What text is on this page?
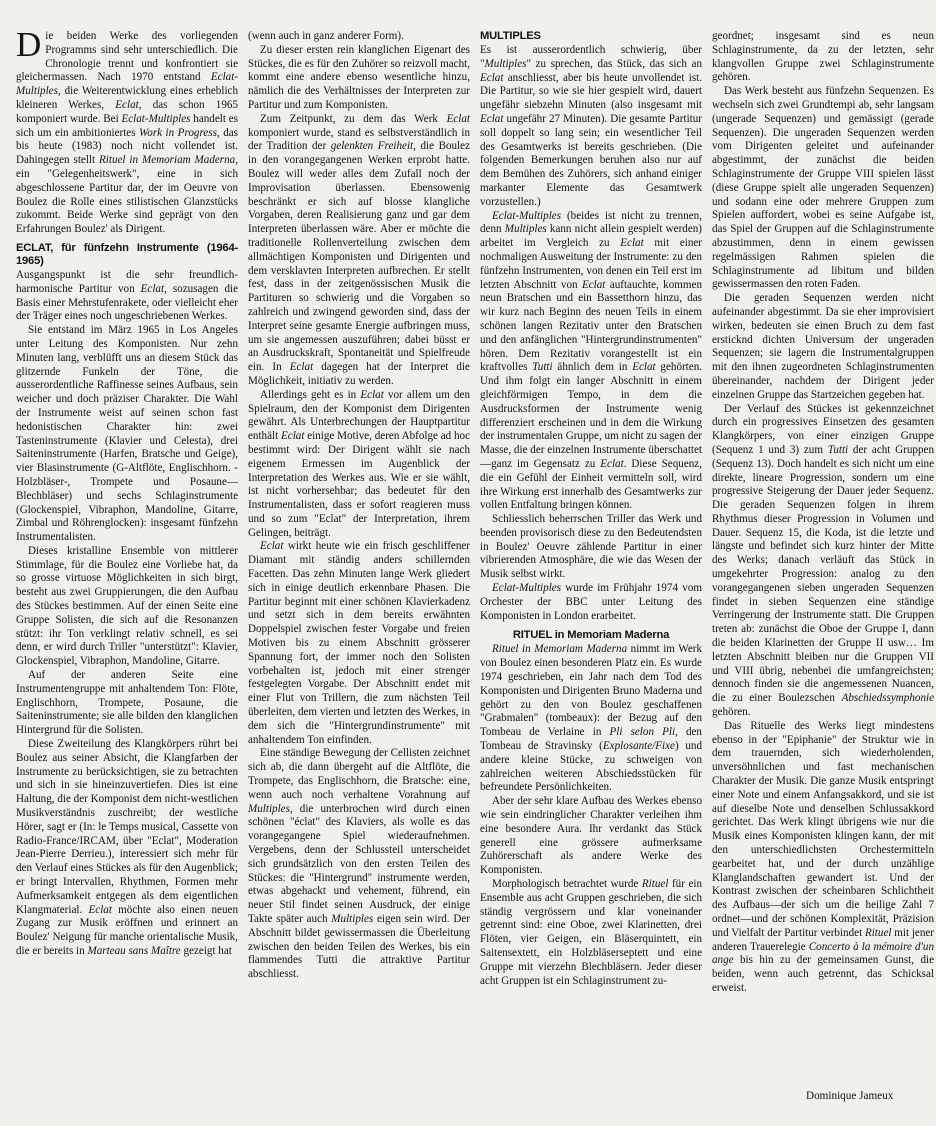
Die beiden Werke des vorliegenden Programms sind sehr unterschiedlich. Die Chronologie trennt und konfrontiert sie gleichermassen. Nach 1970 entstand Eclat-Multiples, die Weiterentwicklung eines erheblich kleineren Werkes, Eclat, das schon 1965 komponiert wurde. Bei Eclat-Multiples handelt es sich um ein ambitioniertes Work in Progress, das bis heute (1983) noch nicht vollendet ist. Dahingegen stellt Rituel in Memoriam Maderna, ein "Gelegenheitswerk", eine in sich abgeschlossene Partitur dar, der im Oeuvre von Boulez die Rolle eines stilistischen Glanzstücks zukommt. Beide Werke sind geprägt von den Erfahrungen Boulez' als Dirigent.

ECLAT, für fünfzehn Instrumente (1964-1965)

Ausgangspunkt ist die sehr freundlich-harmonische Partitur von Eclat, sozusagen die Basis einer Mehrstufenrakete, oder vielleicht eher der Träger eines noch ungeschriebenen Werkes.

Sie entstand im März 1965 in Los Angeles unter Leitung des Komponisten. Nur zehn Minuten lang, verblüfft uns an diesem Stück das glitzernde Funkeln der Töne, die ausserordentliche Raffinesse seines Aufbaus, sein weicher und doch präziser Charakter. Die Wahl der Instrumente weist auf seinen schon fast hedonistischen Charakter hin: zwei Tasteninstrumente (Klavier und Celesta), drei Saiteninstrumente (Harfen, Bratsche und Geige), vier Blasinstrumente (G-Altflöte, Englischhorn. -Holzbläser-, Trompete und Posaune—Blechbläser) und sechs Schlaginstrumente (Glockenspiel, Vibraphon, Mandoline, Gitarre, Zimbal und Röhrenglocken): insgesamt fünfzehn Instrumentalisten.

Dieses kristalline Ensemble von mittlerer Stimmlage, für die Boulez eine Vorliebe hat, da so grosse virtuose Möglichkeiten in sich birgt, besteht aus zwei Gruppierungen, die den Aufbau des Stückes bestimmen. Auf der einen Seite eine Gruppe Solisten, die sich auf die Resonanzen stützt: ihr Ton verklingt relativ schnell, es sei denn, er wird durch Triller "unterstützt": Klavier, Glockenspiel, Vibraphon, Mandoline, Gitarre.

Auf der anderen Seite eine Instrumentengruppe mit anhaltendem Ton: Flöte, Englischhorn, Trompete, Posaune, die Saiteninstrumente; sie alle bilden den klanglichen Hintergrund für die Solisten.

Diese Zweiteilung des Klangkörpers rührt bei Boulez aus seiner Absicht, die Klangfarben der Instrumente zu berücksichtigen, sie zu betrachten und sich in sie hineinzuvertiefen. Dies ist eine Haltung, die der Komponist dem nicht-westlichen Musikverständnis zuschreibt; der westliche Hörer, sagt er (In: le Temps musical, Cassette von Radio-France/IRCAM, über "Eclat", Moderation Jean-Pierre Derrieu.), interessiert sich mehr für den Verlauf eines Stückes als für den Augenblick; er bringt Intervallen, Rhythmen, Formen mehr Aufmerksamkeit entgegen als dem eigentlichen Klangmaterial. Eclat möchte also einen neuen Zugang zur Musik eröffnen und erinnert an Boulez' Neigung für manche orientalische Musik, die er bereits in Marteau sans Maître gezeigt hat

(wenn auch in ganz anderer Form).

Zu dieser ersten rein klanglichen Eigenart des Stückes, die es für den Zuhörer so reizvoll macht, kommt eine andere ebenso wesentliche hinzu, nämlich die des Verhältnisses der Interpreten zur Partitur und zum Komponisten.

Zum Zeitpunkt, zu dem das Werk Eclat komponiert wurde, stand es selbstverständlich in der Tradition der gelenkten Freiheit, die Boulez in den vorangegangenen Werken erprobt hatte. Boulez will weder alles dem Zufall noch der Improvisation überlassen. Ebensowenig beschränkt er sich auf blosse klangliche Vorgaben, deren Realisierung ganz und gar dem Interpreten überlassen wäre. Aber er möchte die traditionelle Rollenverteilung zwischen dem allmächtigen Komponisten und Dirigenten und dem versklavten Interpreten aufbrechen. Er stellt fest, dass in der zeitgenössischen Musik die Partituren so schwierig und die Vorgaben so zahlreich und zwingend geworden sind, dass der Interpret seine gesamte Energie aufbringen muss, um sie angemessen auszuführen; dabei büsst er an Ausdruckskraft, Spontaneität und Spielfreude ein. In Eclat dagegen hat der Interpret die Möglichkeit, initiativ zu werden.

Allerdings geht es in Eclat vor allem um den Spielraum, den der Komponist dem Dirigenten gewährt. Als Unterbrechungen der Hauptpartitur enthält Eclat einige Motive, deren Abfolge ad hoc bestimmt wird: Der Dirigent wählt sie nach eigenem Ermessen im Augenblick der Interpretation des Werkes aus. Wie er sie wählt, ist nicht vorhersehbar; das bedeutet für den Instrumentalisten, dass er sofort reagieren muss und so zum "Eclat" der Interpretation, ihrem Gelingen, beiträgt.

Eclat wirkt heute wie ein frisch geschliffener Diamant mit ständig anders schillernden Facetten. Das zehn Minuten lange Werk gliedert sich in einige deutlich erkennbare Phasen. Die Partitur beginnt mit einer schönen Klavierkadenz und setzt sich in dem bereits erwähnten Doppelspiel zwischen fester Vorgabe und freien Motiven bis zu einem Abschnitt grösserer Spannung fort, der immer noch den Solisten vorbehalten ist, jedoch mit einer strenger festgelegten Vorgabe. Der Abschnitt endet mit einer Flut von Trillern, die zum nächsten Teil überleiten, dem vierten und letzten des Werkes, in dem sich die "Hintergrundinstrumente" mit anhaltendem Ton einfinden.

Eine ständige Bewegung der Cellisten zeichnet sich ab, die dann übergeht auf die Altflöte, die Trompete, das Englischhorn, die Bratsche: eine, wenn auch noch verhaltene Vorahnung auf Multiples, die unterbrochen wird durch einen schönen "éclat" des Klaviers, als wolle es das vorangegangene Spiel wiederaufnehmen. Vergebens, denn der Schlussteil unterscheidet sich grundsätzlich von den ersten Teilen des Stückes: die "Hintergrund" instrumente werden, etwas abgehackt und vehement, führend, ein neuer Stil findet seinen Ausdruck, der einige Takte später auch Multiples eigen sein wird. Der Abschnitt bildet gewissermassen die Überleitung zwischen den beiden Teilen des Werkes, bis ein flammendes Tutti die attraktive Partitur abschliesst.

MULTIPLES

Es ist ausserordentlich schwierig, über "Multiples" zu sprechen, das Stück, das sich an Eclat anschliesst, aber bis heute unvollendet ist. Die Partitur, so wie sie hier gespielt wird, dauert ungefähr siebzehn Minuten (also insgesamt mit Eclat ungefähr 27 Minuten). Die gesamte Partitur soll doppelt so lang sein; ein wesentlicher Teil des Gesamtwerks ist bereits geschrieben. (Die folgenden Bemerkungen beruhen also nur auf dem Bemühen des Zuhörers, sich anhand einiger markanter Elemente das Gesamtwerk vorzustellen.)

Eclat-Multiples (beides ist nicht zu trennen, denn Multiples kann nicht allein gespielt werden) arbeitet im Vergleich zu Eclat mit einer nochmaligen Ausweitung der Instrumente: zu den fünfzehn Instrumenten, von denen ein Teil erst im letzten Abschnitt von Eclat auftauchte, kommen neun Bratschen und ein Bassetthorn hinzu, das wir kurz nach Beginn des neuen Teils in einem schönen langen Rezitativ unter den Bratschen und den anfänglichen "Hintergrundinstrumenten" hören. Dem Rezitativ vorangestellt ist ein kraftvolles Tutti ähnlich dem in Eclat gehörten. Und ihm folgt ein langer Abschnitt in einem gleichförmigen Tempo, in dem die Ausdrucksformen der Instrumente wenig differenziert erscheinen und in dem die Wirkung der instrumentalen Gruppe, um nicht zu sagen der Masse, die der einzelnen Instrumente überschattet—ganz im Gegensatz zu Eclat. Diese Sequenz, die ein Gefühl der Einheit vermitteln soll, wird ihre Wirkung erst innerhalb des Gesamtwerks zur vollen Entfaltung bringen können.

Schliesslich beherrschen Triller das Werk und beenden provisorisch diese zu den Bedeutendsten in Boulez' Oeuvre zählende Partitur in einer vibrierenden Atmosphäre, die wie das Wesen der Musik selbst wirkt.

Eclat-Multiples wurde im Frühjahr 1974 vom Orchester der BBC unter Leitung des Komponisten in London erarbeitet.

RITUEL in Memoriam Maderna

Rituel in Memoriam Maderna nimmt im Werk von Boulez einen besonderen Platz ein. Es wurde 1974 geschrieben, ein Jahr nach dem Tod des Komponisten und Dirigenten Bruno Maderna und gehört zu den von Boulez geschaffenen "Grabmalen" (tombeaux): der Bezug auf den Tombeau de Verlaine in Pli selon Pli, den Tombeau de Stravinsky (Explosante/Fixe) und andere kleine Stücke, zu schweigen von zahlreichen weiteren Abschiedsstücken für befreundete Persönlichkeiten.

Aber der sehr klare Aufbau des Werkes ebenso wie sein eindringlicher Charakter verleihen ihm eine besondere Aura. Ihr verdankt das Stück generell eine grössere aufmerksame Zuhörerschaft als andere Werke des Komponisten.

Morphologisch betrachtet wurde Rituel für ein Ensemble aus acht Gruppen geschrieben, die sich ständig vergrössern und klar voneinander getrennt sind: eine Oboe, zwei Klarinetten, drei Flöten, vier Geigen, ein Bläserquintett, ein Saitensextett, ein Holzbläserseptett und eine Gruppe mit vierzehn Blechbläsern. Jeder dieser acht Gruppen ist ein Schlaginstrument zu-

geordnet; insgesamt sind es neun Schlaginstrumente, da zu der letzten, sehr klangvollen Gruppe zwei Schlaginstrumente gehören.

Das Werk besteht aus fünfzehn Sequenzen. Es wechseln sich zwei Grundtempi ab, sehr langsam (ungerade Sequenzen) und gemässigt (gerade Sequenzen). Die ungeraden Sequenzen werden vom Dirigenten geleitet und aufeinander abgestimmt, der zunächst die beiden Schlaginstrumente der Gruppe VIII spielen lässt (diese Gruppe spielt alle ungeraden Sequenzen) und sodann eine oder mehrere Gruppen zum Spielen auffordert, wobei es seine Aufgabe ist, das Spiel der Gruppen auf die Schlaginstrumente abzustimmen, denn in einem gewissen regelmässigen Rahmen spielen die Schlaginstrumente ad libitum und bilden gewissermassen den roten Faden.

Die geraden Sequenzen werden nicht aufeinander abgestimmt. Da sie eher improvisiert wirken, bedeuten sie einen Bruch zu dem fast ersticknd dichten Universum der ungeraden Sequenzen; sie lagern die Instrumentalgruppen mit den ihnen zugeordneten Schlaginstrumenten übereinander, nachdem der Dirigent jeder einzelnen Gruppe das Startzeichen gegeben hat.

Der Verlauf des Stückes ist gekennzeichnet durch ein progressives Einsetzen des gesamten Klangkörpers, von einer einzigen Gruppe (Sequenz 1 und 3) zum Tutti der acht Gruppen (Sequenz 13). Doch handelt es sich nicht um eine direkte, lineare Progression, sondern um eine progressive Steigerung der Dauer jeder Sequenz. Die geraden Sequenzen folgen in ihrem Rhythmus dieser Progression in Volumen und Dauer. Sequenz 15, die Koda, ist die letzte und längste und befindet sich kurz hinter der Mitte des Werks; danach verläuft das Stück in umgekehrter Progression: analog zu den vorangegangenen sieben ungeraden Sequenzen findet in sieben Sequenzen eine ständige Verringerung der Instrumente statt. Die Gruppen treten ab: zunächst die Oboe der Gruppe I, dann die beiden Klarinetten der Gruppe II usw… Im letzten Abschnitt bleiben nur die Gruppen VII und VIII übrig, nebenbei die umfangreichsten; dennoch finden sie die angemessenen Nuancen, die zu einer Boulezschen Abschiedssymphonie gehören.

Das Rituelle des Werks liegt mindestens ebenso in der "Epiphanie" der Struktur wie in dem trauernden, sich wiederholenden, unversöhnlichen und fast mechanischen Charakter der Musik. Die ganze Musik entspringt einer Note und einem Anfangsakkord, und sie ist auf dieselbe Note und denselben Schlussakkord gerichtet. Das Werk klingt übrigens wie nur die Musik eines Komponisten klingen kann, der mit den unterschiedlichsten Orchestermitteln gearbeitet hat, und der durch unzählige Klanglandschaften gewandert ist. Und der Kontrast zwischen der scheinbaren Schlichtheit des Aufbaus—der sich um die heilige Zahl 7 ordnet—und der schönen Komplexität, Präzision und Vielfalt der Partitur verbindet Rituel mit jener anderen Trauerelegie Concerto à la mémoire d'un ange bis hin zu der gemeinsamen Gunst, die beiden, wenn auch getrennt, das Schicksal erweist.

Dominique Jameux
